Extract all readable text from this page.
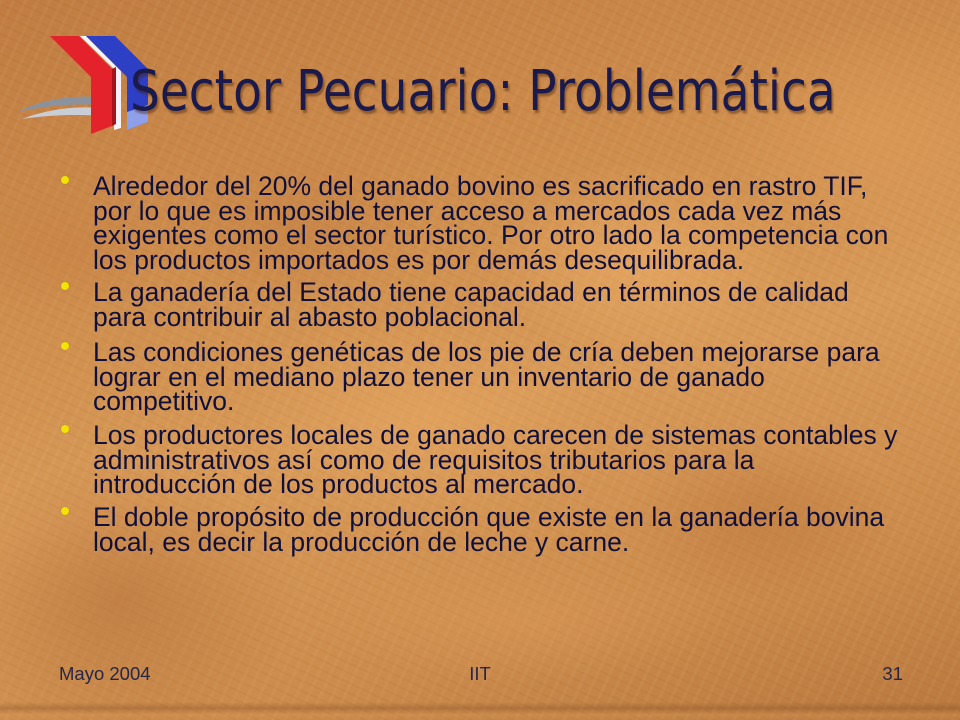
Sector Pecuario: Problemática
Alrededor del 20% del ganado bovino es sacrificado en rastro TIF,
por lo que es imposible tener acceso a mercados cada vez más
exigentes como el sector turístico. Por otro lado la competencia con
los productos importados es por demás desequilibrada.
La ganadería del Estado tiene capacidad en términos de calidad
para contribuir al abasto poblacional.
Las condiciones genéticas de los pie de cría deben mejorarse para
lograr en el mediano plazo tener un inventario de ganado
competitivo.
Los productores locales de ganado carecen de sistemas contables y
administrativos así como de requisitos tributarios para la
introducción de los productos al mercado.
El doble propósito de producción que existe en la ganadería bovina
local, es decir la producción de leche y carne.
Mayo 2004	IIT	31
